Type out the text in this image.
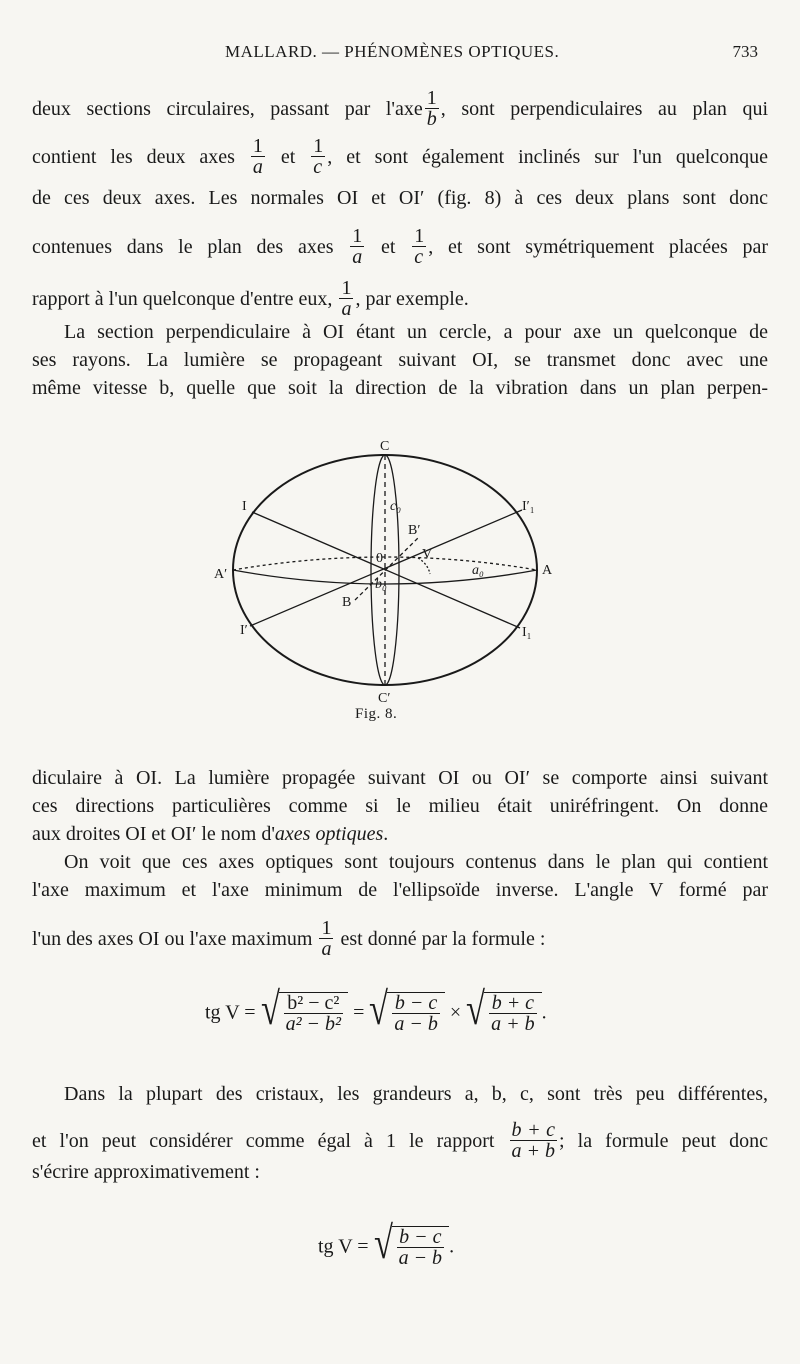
MALLARD. — PHÉNOMÈNES OPTIQUES.	733
deux sections circulaires, passant par $l'axe \frac{1}{b}$ , sont perpendiculaires au plan qui
contient les deux axes $\frac{1}{a}$ et $\frac{1}{c}$ , et sont également inclinés sur l'un quelconque
de ces deux axes. Les normales OI et OI′ (fig. 8) à ces deux plans sont donc
contenues dans le plan des axes $\frac{1}{a}$ et $\frac{1}{c}$ , et sont symétriquement placées par
rapport à l'un quelconque d'entre eux, $\frac{1}{a}$ , par exemple.
La section perpendiculaire à OI étant un cercle, a pour axe un quelconque de
ses rayons. La lumière se propageant suivant OI, se transmet donc avec une
même vitesse b, quelle que soit la direction de la vibration dans un plan perpen-
C
C′
c₀
b₀
a₀
0
A
A′
B
B′
I
I₁
I′
I′₁
V
Fig. 8.
diculaire à OI. La lumière propagée suivant OI ou OI′ se comporte ainsi suivant
ces directions particulières comme si le milieu était uniréfringent. On donne
aux droites OI et OI′ le nom d'axes optiques.
On voit que ces axes optiques sont toujours contenus dans le plan qui contient
l'axe maximum et l'axe minimum de l'ellipsoïde inverse. L'angle V formé par
l'un des axes OI ou l'axe maximum $\frac{1}{a}$ est donné par la formule :
tg V = √ $\frac{\text{b² − c²}}{\text{a² − b²}}$ = √ $\frac{b - c}{a - b}$ × √ $\frac{b + c}{a + b}$ .
Dans la plupart des cristaux, les grandeurs a, b, c, sont très peu différentes,
et l'on peut considérer comme égal à 1 le rapport $\frac{b + c}{a + b}$ ; la formule peut donc
s'écrire approximativement :
tg V = √ $\frac{b - c}{a - b}$ .
